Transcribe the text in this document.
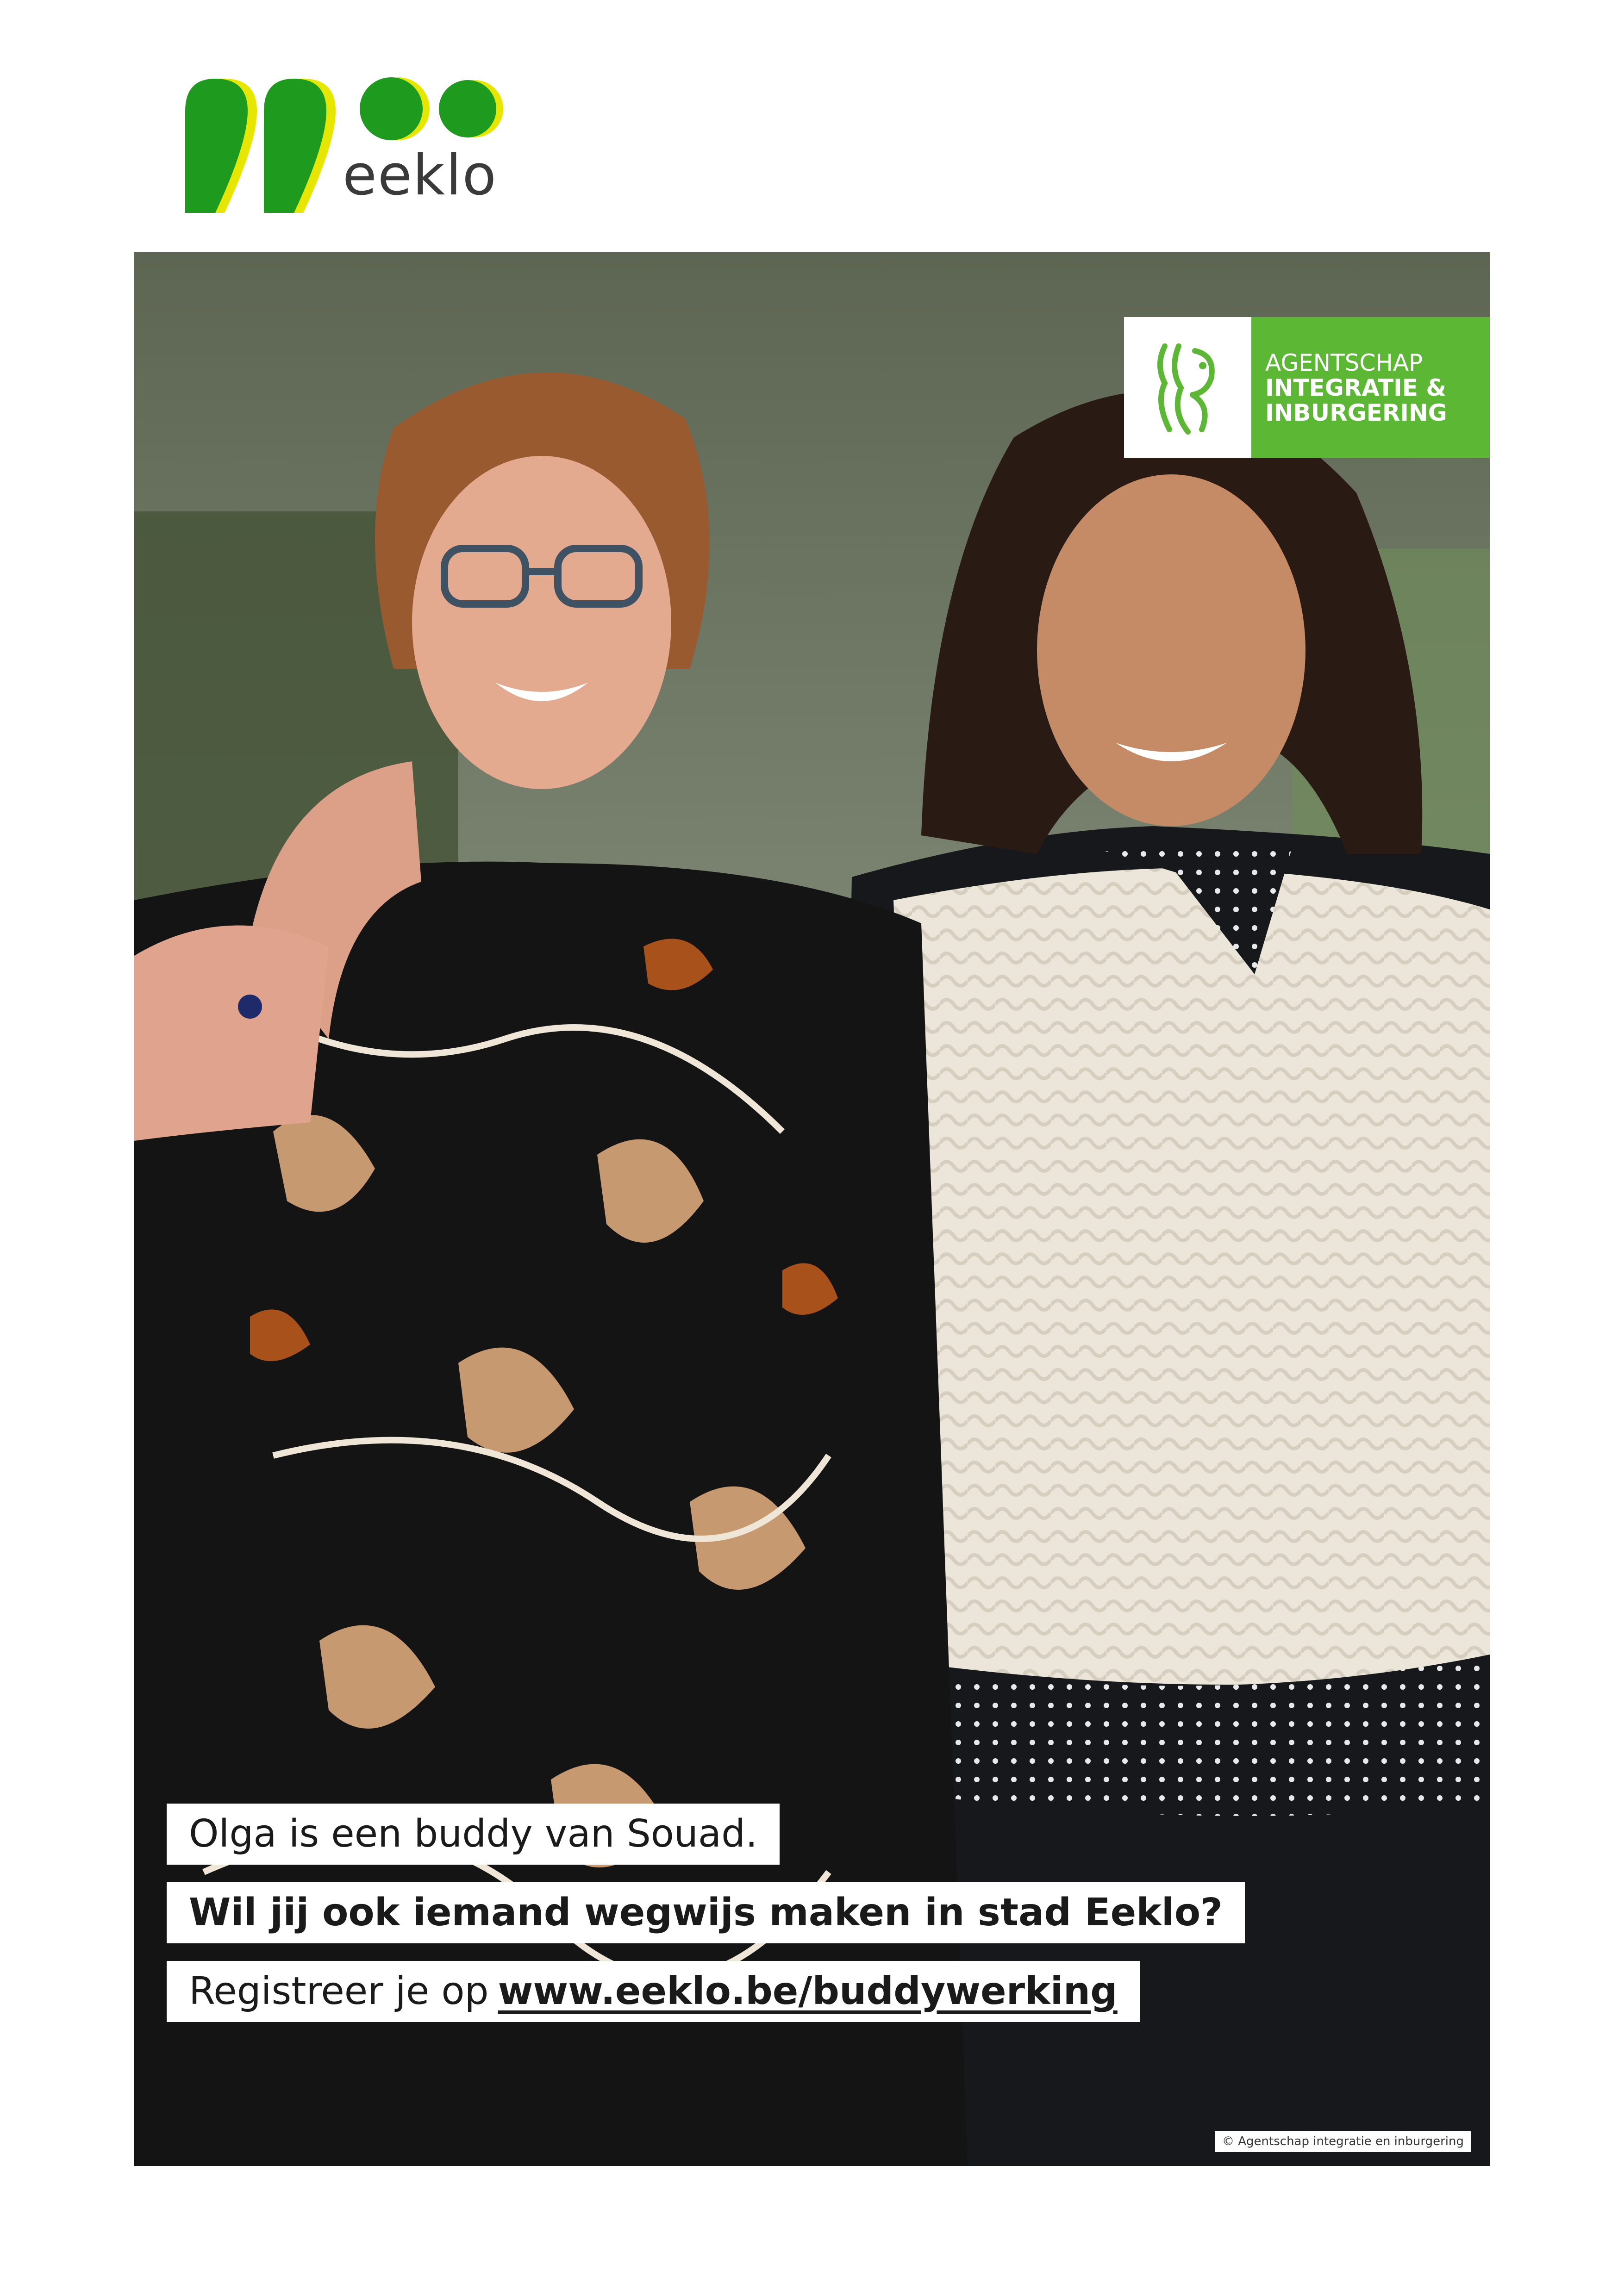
eeklo
AGENTSCHAP
INTEGRATIE &
INBURGERING
Olga is een buddy van Souad.
Wil jij ook iemand wegwijs maken in stad Eeklo?
Registreer je op www.eeklo.be/buddywerking
© Agentschap integratie en inburgering
